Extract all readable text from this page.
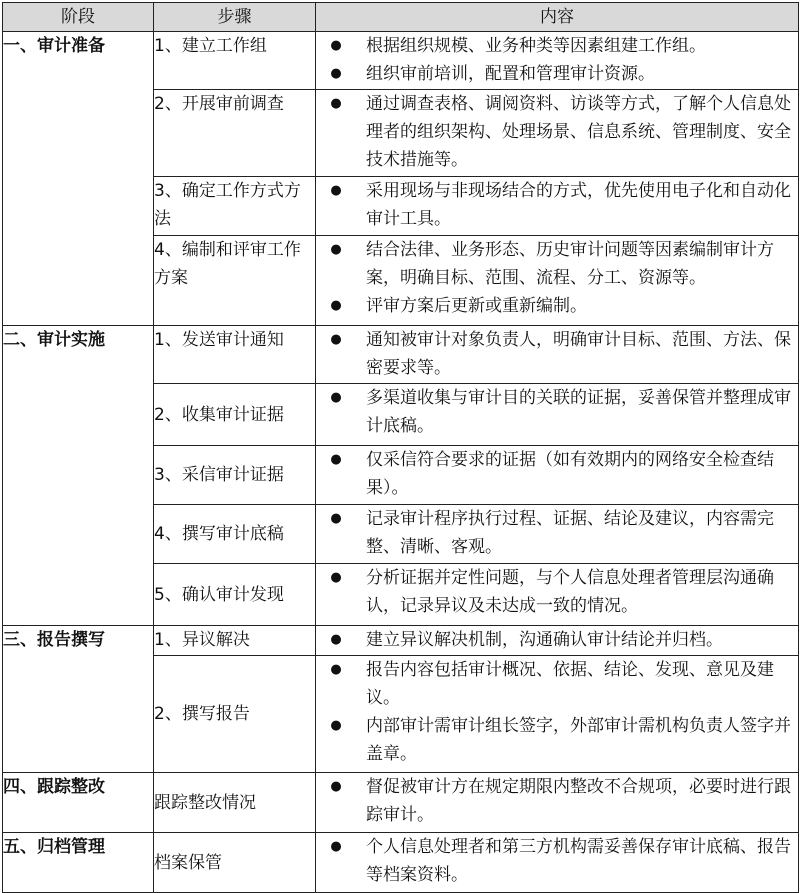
阶段	步骤	内容
一、审计准备	1、建立工作组	● 根据组织规模、业务种类等因素组建工作组。
● 组织审前培训，配置和管理审计资源。

	2、开展审前调查	● 通过调查表格、调阅资料、访谈等方式，了解个人信息处理者的组织架构、处理场景、信息系统、管理制度、安全技术措施等。

	3、确定工作方式方法	● 采用现场与非现场结合的方式，优先使用电子化和自动化审计工具。

	4、编制和评审工作方案	● 结合法律、业务形态、历史审计问题等因素编制审计方案，明确目标、范围、流程、分工、资源等。
● 评审方案后更新或重新编制。

二、审计实施	1、发送审计通知	● 通知被审计对象负责人，明确审计目标、范围、方法、保密要求等。

	2、收集审计证据	● 多渠道收集与审计目的关联的证据，妥善保管并整理成审计底稿。

	3、采信审计证据	● 仅采信符合要求的证据（如有效期内的网络安全检查结果）。

	4、撰写审计底稿	● 记录审计程序执行过程、证据、结论及建议，内容需完整、清晰、客观。

	5、确认审计发现	● 分析证据并定性问题，与个人信息处理者管理层沟通确认，记录异议及未达成一致的情况。

三、报告撰写	1、异议解决	● 建立异议解决机制，沟通确认审计结论并归档。

	2、撰写报告	● 报告内容包括审计概况、依据、结论、发现、意见及建议。
● 内部审计需审计组长签字，外部审计需机构负责人签字并盖章。

四、跟踪整改	跟踪整改情况	● 督促被审计方在规定期限内整改不合规项，必要时进行跟踪审计。

五、归档管理	档案保管	● 个人信息处理者和第三方机构需妥善保存审计底稿、报告等档案资料。
